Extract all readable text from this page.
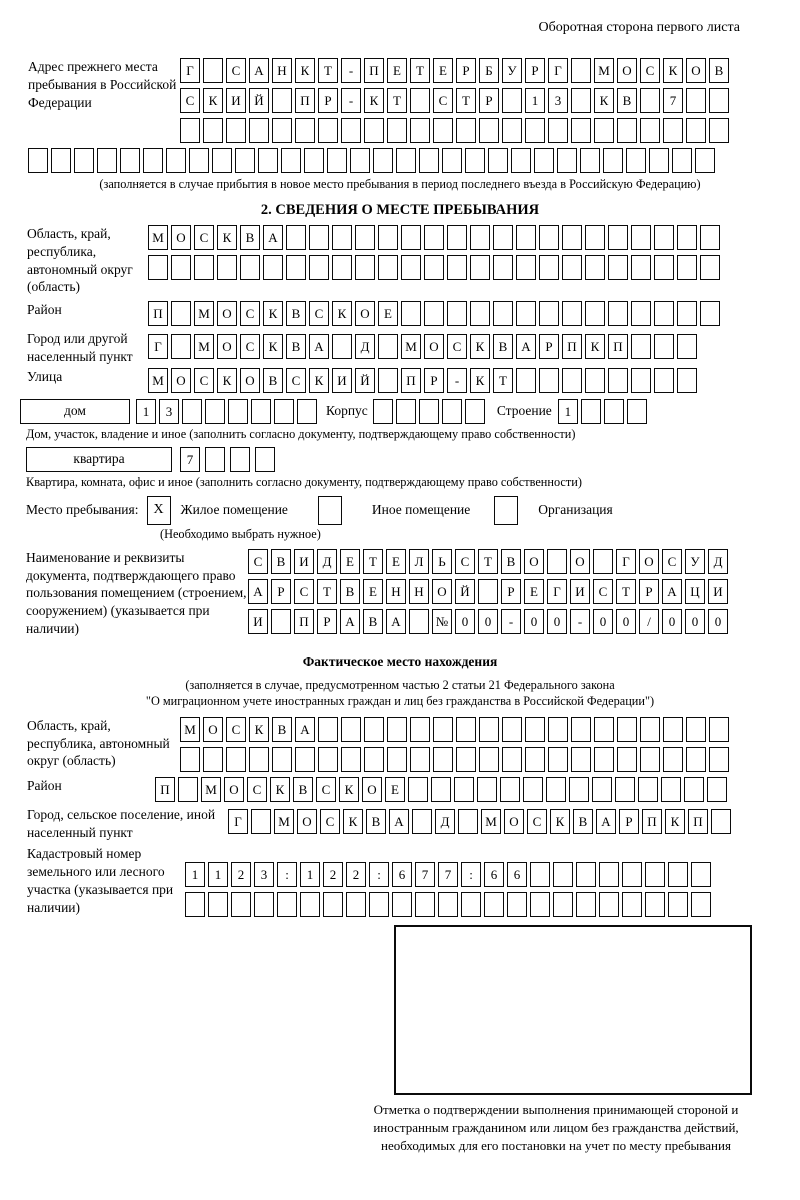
Оборотная сторона первого листа
Адрес прежнего места пребывания в Российской Федерации
Г	С	А	Н	К	Т	-	П	Е	Т	Е	Р	Б	У	Р	Г	М О	С	К	О	В
С	К	И	Й	П	Р	-	К	Т	С	Т	Р	1	3	К	В	7
(заполняется в случае прибытия в новое место пребывания в период последнего въезда в Российскую Федерацию)
2. СВЕДЕНИЯ О МЕСТЕ ПРЕБЫВАНИЯ
Область, край, республика, автономный округ (область)
М О	С	К	В	А
Район	П	М О	С	К	В	С	К	О	Е
Город или другой населенный пункт
Г	М О	С	К	В	А	Д	М О	С	К	В	А	Р	П	К	П
Улица	М О	С	К	О	В	С	К	И	Й	П	Р	-	К	Т
дом	1	3	Корпус	Строение 1
Дом, участок, владение и иное (заполнить согласно документу, подтверждающему право собственности)
квартира	7
Квартира, комната, офис и иное (заполнить согласно документу, подтверждающему право собственности)
Место пребывания:	X	Жилое помещение	Иное помещение	Организация
(Необходимо выбрать нужное)
Наименование и реквизиты документа, подтверждающего право пользования помещением (строением, сооружением) (указывается при наличии)
С	В	И	Д	Е	Т	Е	Л	Ь	С	Т	В	О	О	Г	О	С	У	Д
А	Р	С	Т	В	Е	Н	Н	О	Й	Р	Е	Г	И	С	Т	Р	А	Ц	И
И	П	Р	А	В	А	№	0	0	-	0	0	-	0	0	/	0	0	0
Фактическое место нахождения
(заполняется в случае, предусмотренном частью 2 статьи 21 Федерального закона
"О миграционном учете иностранных граждан и лиц без гражданства в Российской Федерации")
Область, край, республика, автономный округ (область)
М О	С	К	В	А
Район	П	М О	С	К	В	С	К	О	Е
Город, сельское поселение, иной населенный пункт
Г	М О	С	К	В	А	Д	М О	С	К	В	А	Р	П	К	П
Кадастровый номер земельного или лесного участка (указывается при наличии)
1	1	2	3	:	1	2	2	:	6	7	7	:	6	6
Отметка о подтверждении выполнения принимающей стороной и иностранным гражданином или лицом без гражданства действий, необходимых для его постановки на учет по месту пребывания
